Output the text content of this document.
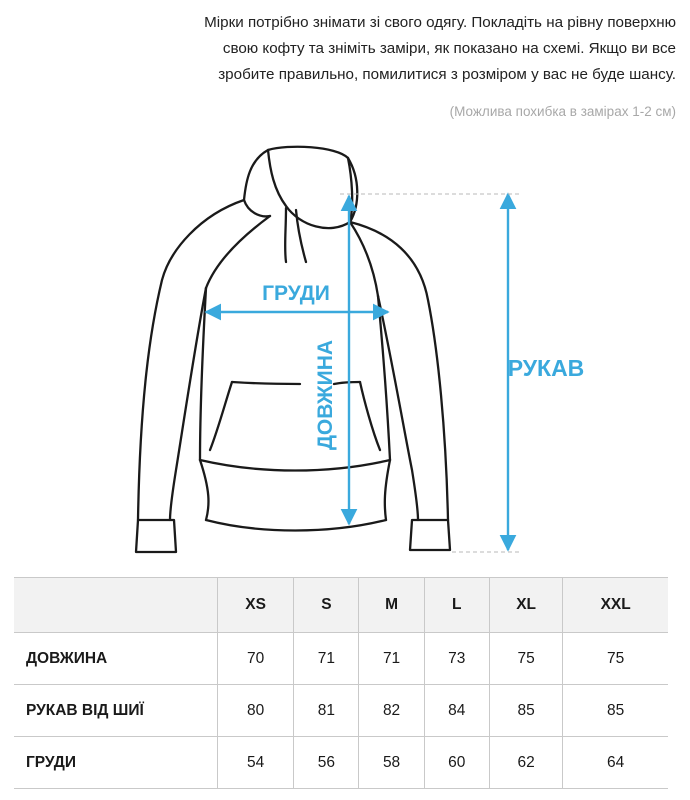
Мірки потрібно знімати зі свого одягу. Покладіть на рівну поверхню
свою кофту та зніміть заміри, як показано на схемі. Якщо ви все
зробите правильно, помилитися з розміром у вас не буде шансу.
(Можлива похибка в замірах 1-2 см)
ГРУДИ
ДОВЖИНА	РУКАВ
	XS	S	M	L	XL	XXL
ДОВЖИНА	70	71	71	73	75	75
РУКАВ ВІД ШИЇ	80	81	82	84	85	85
ГРУДИ	54	56	58	60	62	64
